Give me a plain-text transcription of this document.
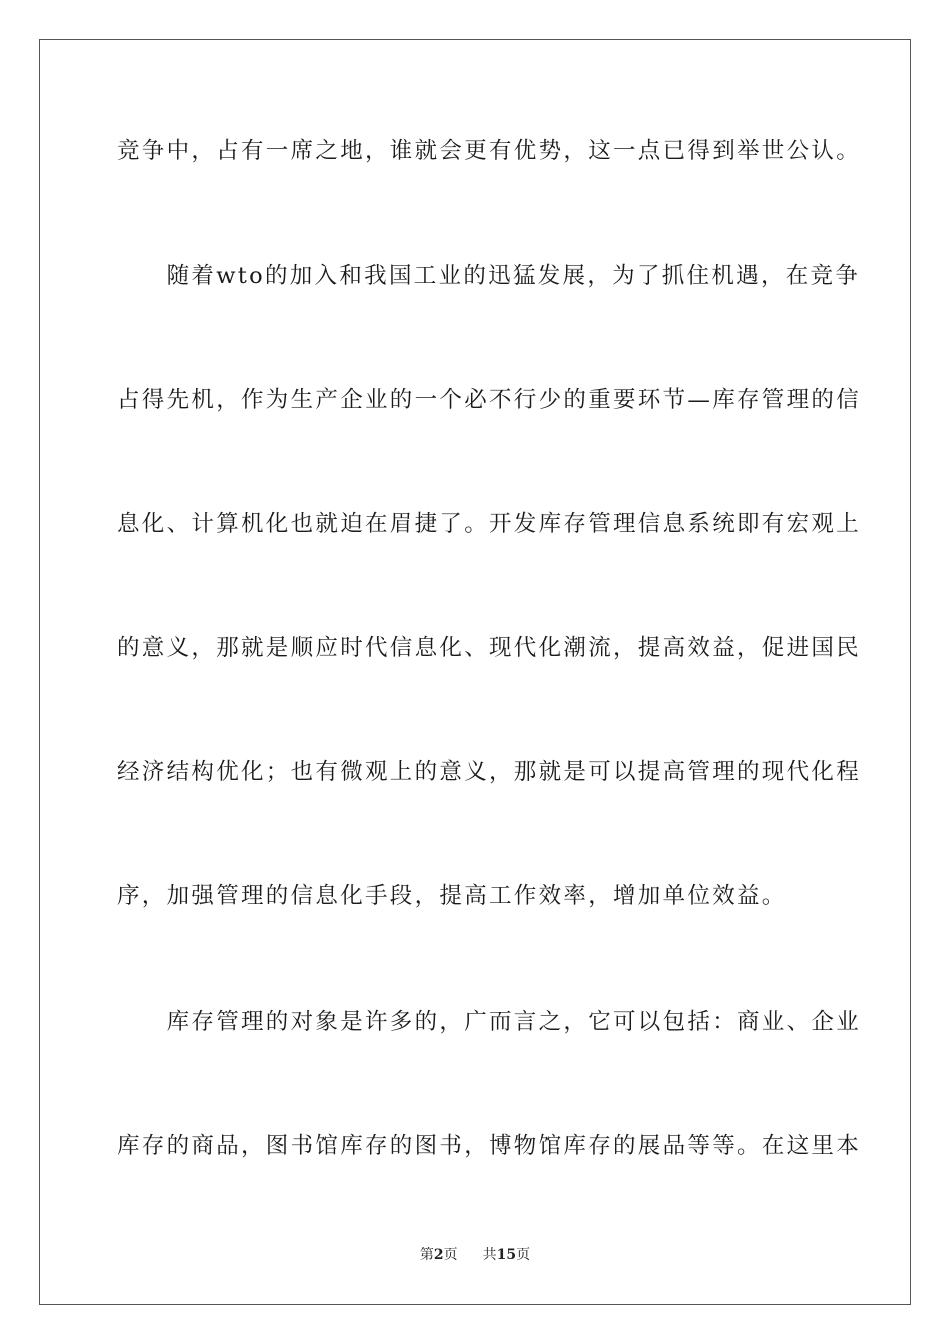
竞争中，占有一席之地，谁就会更有优势，这一点已得到举世公认。
　　随着wto的加入和我国工业的迅猛发展，为了抓住机遇，在竞争
占得先机，作为生产企业的一个必不行少的重要环节—库存管理的信
息化、计算机化也就迫在眉捷了。开发库存管理信息系统即有宏观上
的意义，那就是顺应时代信息化、现代化潮流，提高效益，促进国民
经济结构优化；也有微观上的意义，那就是可以提高管理的现代化程
序，加强管理的信息化手段，提高工作效率，增加单位效益。
　　库存管理的对象是许多的，广而言之，它可以包括：商业、企业
库存的商品，图书馆库存的图书，博物馆库存的展品等等。在这里本
第2页 共15页
